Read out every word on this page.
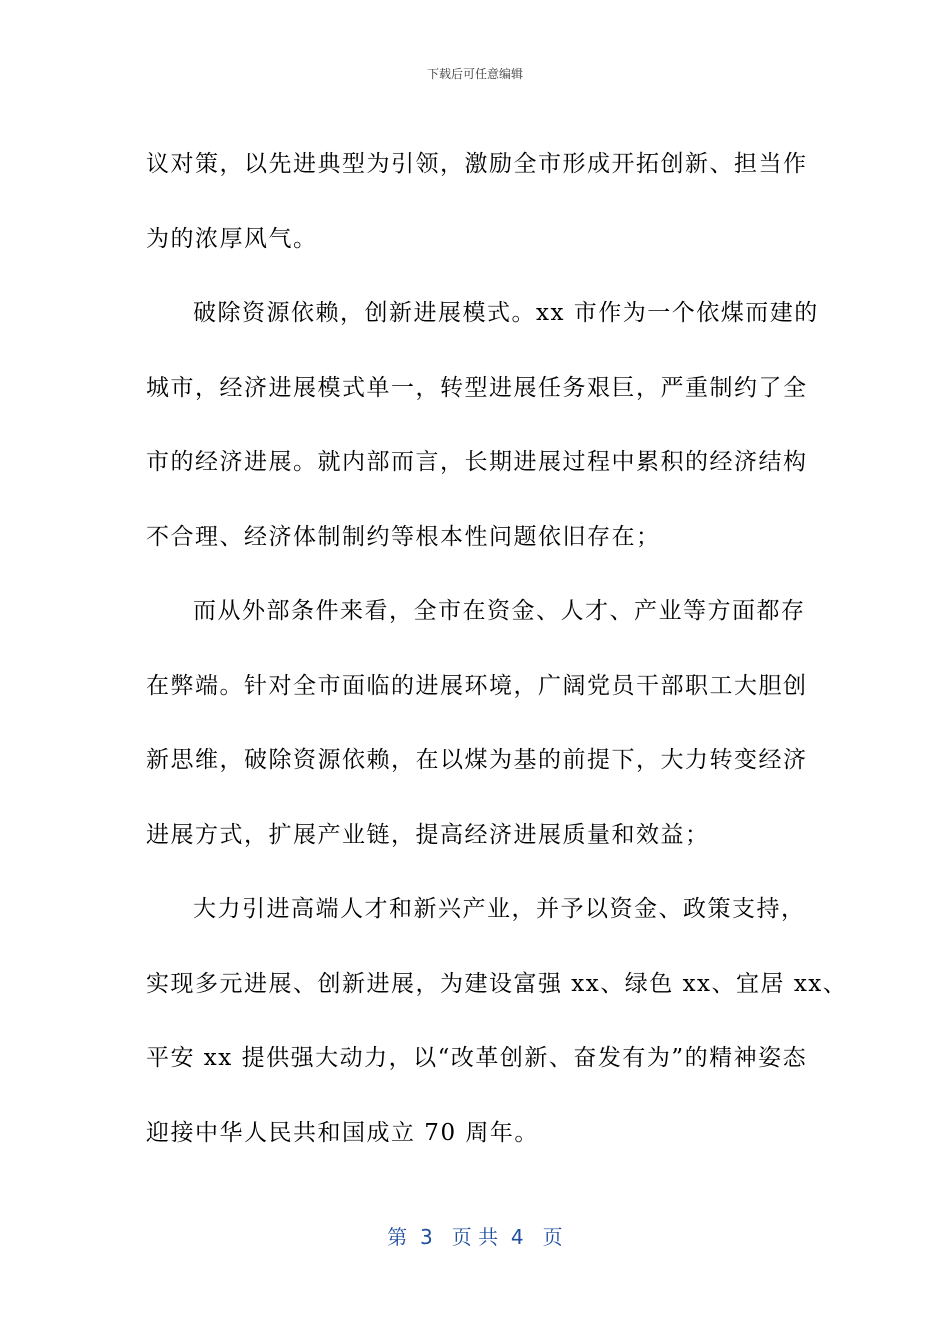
下载后可任意编辑
议对策，以先进典型为引领，激励全市形成开拓创新、担当作
为的浓厚风气。
破除资源依赖，创新进展模式。xx 市作为一个依煤而建的
城市，经济进展模式单一，转型进展任务艰巨，严重制约了全
市的经济进展。就内部而言，长期进展过程中累积的经济结构
不合理、经济体制制约等根本性问题依旧存在；
而从外部条件来看，全市在资金、人才、产业等方面都存
在弊端。针对全市面临的进展环境，广阔党员干部职工大胆创
新思维，破除资源依赖，在以煤为基的前提下，大力转变经济
进展方式，扩展产业链，提高经济进展质量和效益；
大力引进高端人才和新兴产业，并予以资金、政策支持，
实现多元进展、创新进展，为建设富强 xx、绿色 xx、宜居 xx、
平安 xx 提供强大动力，以“改革创新、奋发有为”的精神姿态
迎接中华人民共和国成立 70 周年。
第  3   页 共  4   页
